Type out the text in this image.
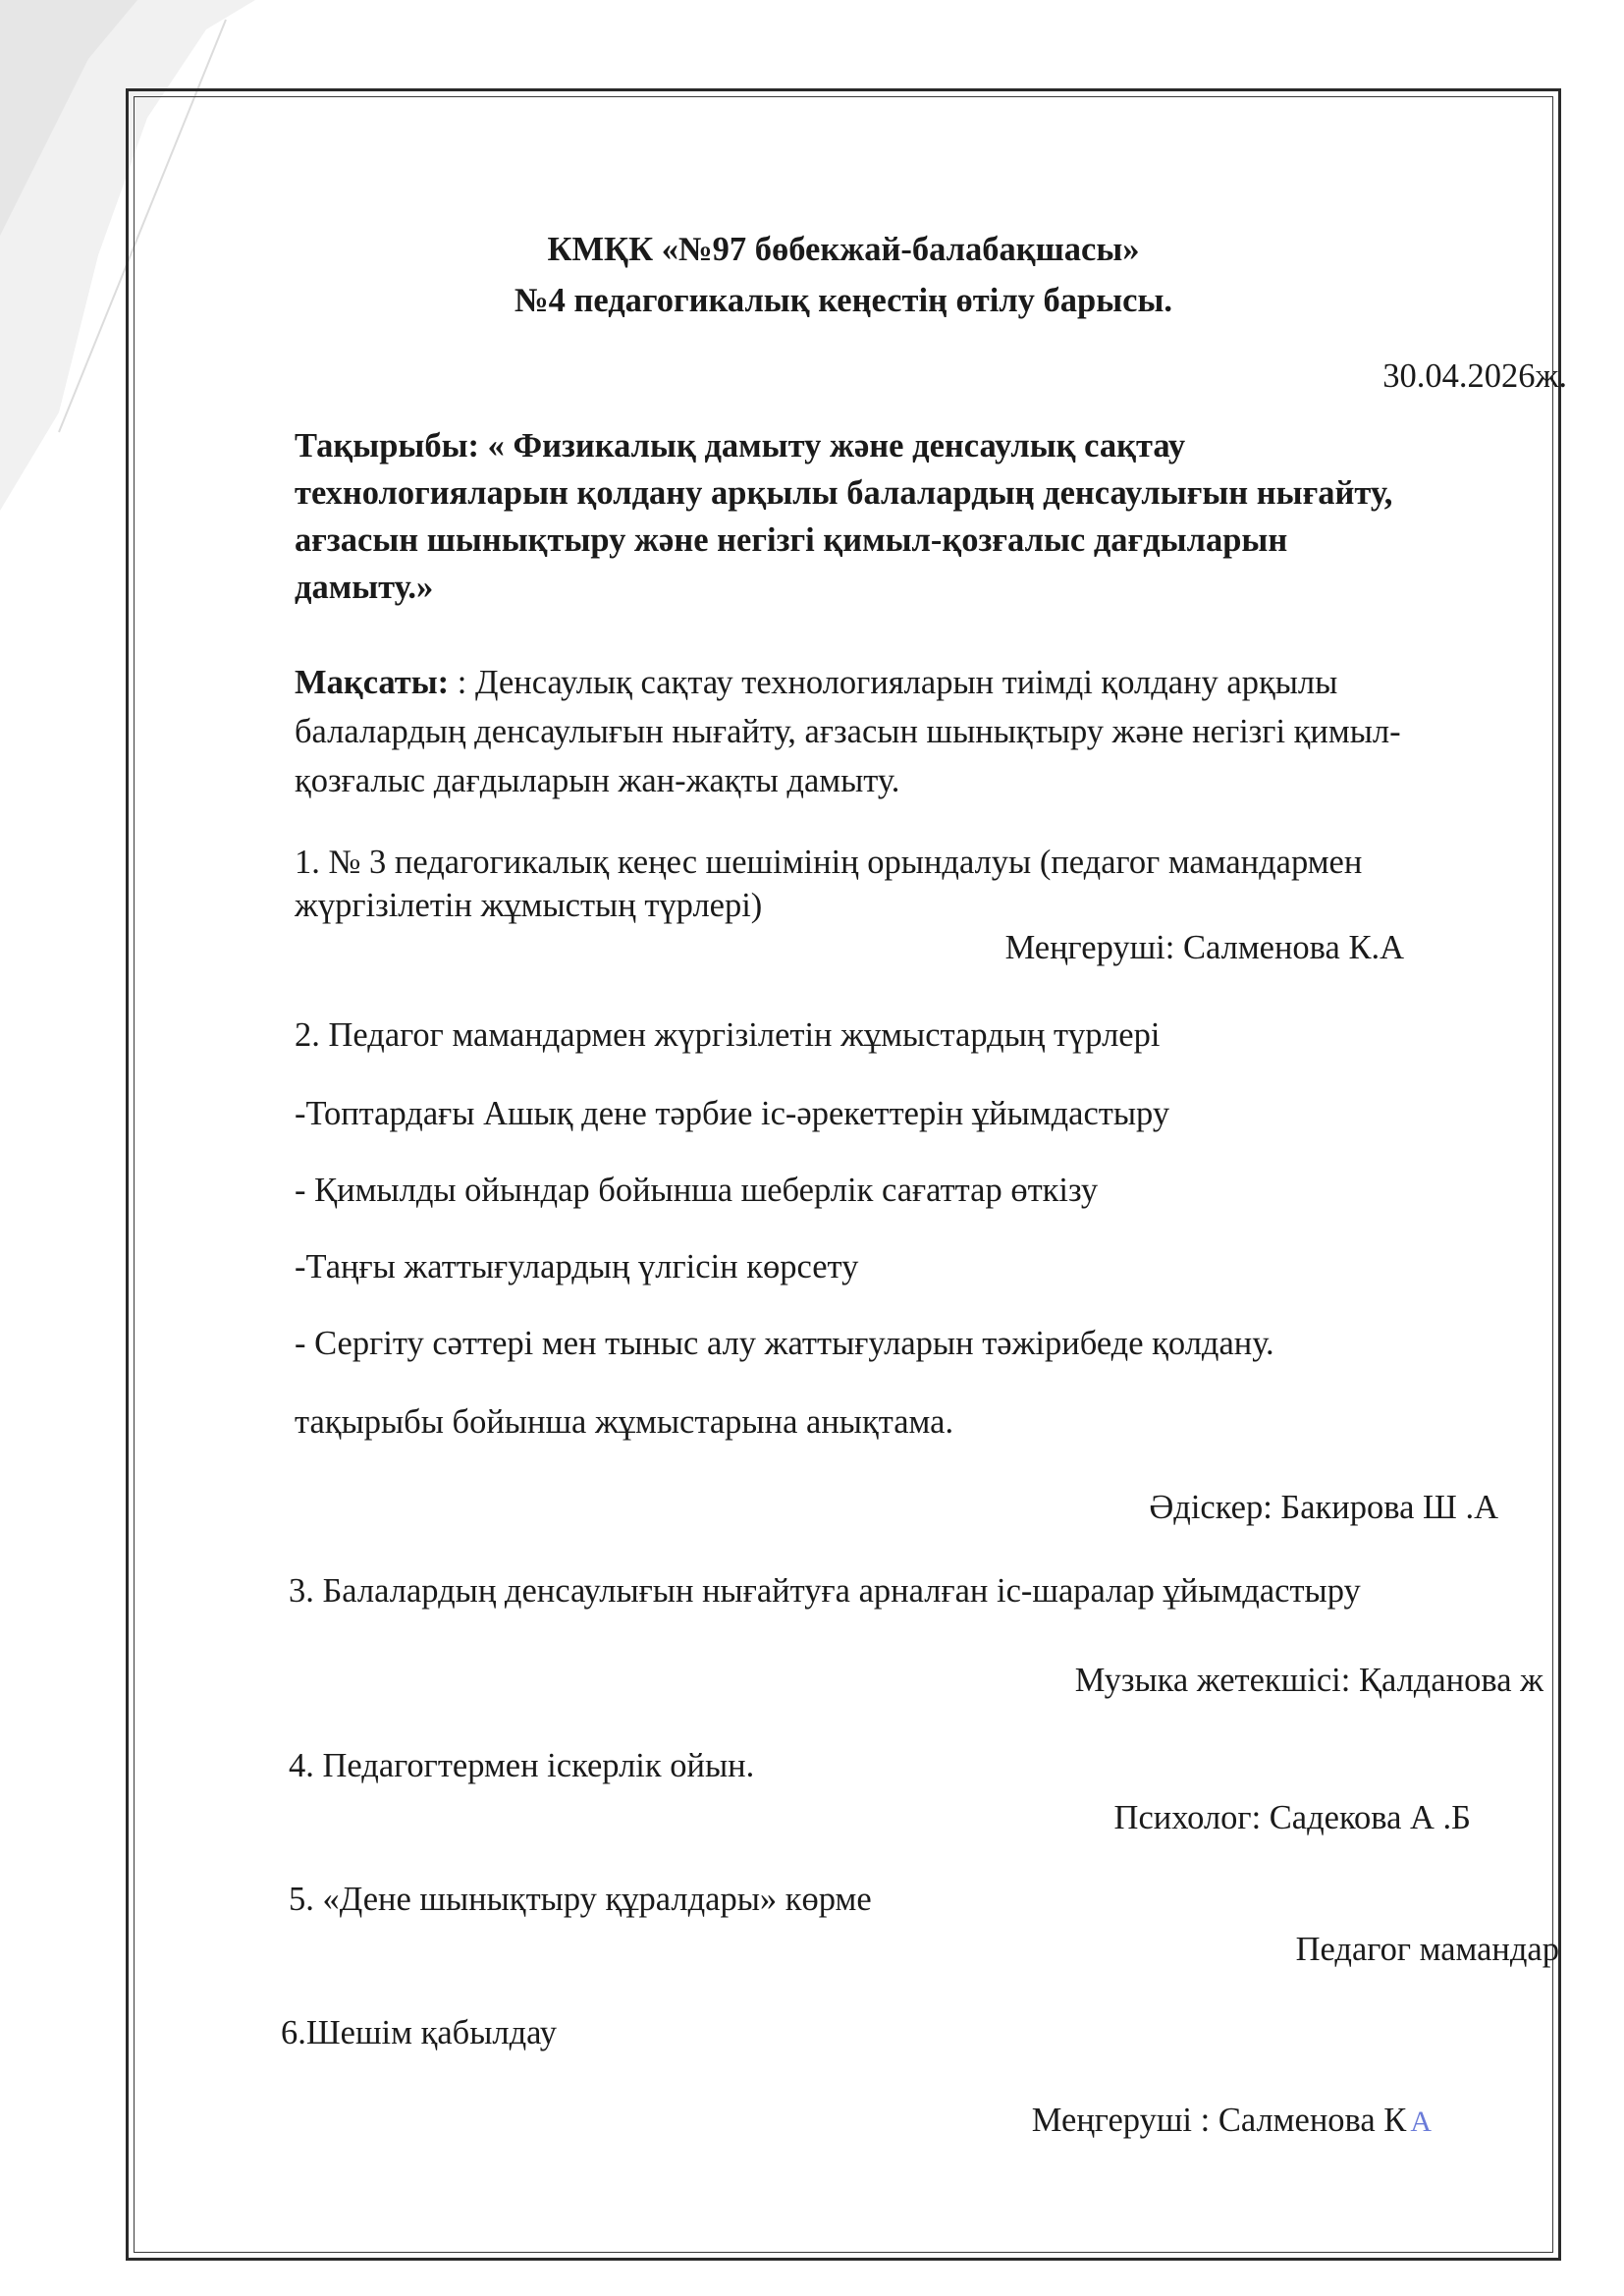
КМҚК «№97 бөбекжай-балабақшасы»
№4 педагогикалық кеңестің өтілу барысы.
30.04.2026ж.
Тақырыбы: « Физикалық дамыту және денсаулық сақтау
технологияларын қолдану арқылы балалардың денсаулығын нығайту,
ағзасын шынықтыру және негізгі қимыл-қозғалыс дағдыларын
дамыту.»
Мақсаты: : Денсаулық сақтау технологияларын тиімді қолдану арқылы
балалардың денсаулығын нығайту, ағзасын шынықтыру және негізгі қимыл-
қозғалыс дағдыларын жан-жақты дамыту.
1. № 3 педагогикалық кеңес шешімінің орындалуы (педагог мамандармен
жүргізілетін жұмыстың түрлері)
Меңгеруші: Салменова К.А
2. Педагог мамандармен жүргізілетін жұмыстардың түрлері
-Топтардағы Ашық дене тәрбие іс-әрекеттерін ұйымдастыру
- Қимылды ойындар бойынша шеберлік сағаттар өткізу
-Таңғы жаттығулардың үлгісін көрсету
- Сергіту сәттері мен тыныс алу жаттығуларын тәжірибеде қолдану.
тақырыбы бойынша жұмыстарына анықтама.
Әдіскер: Бакирова Ш .А
3. Балалардың денсаулығын нығайтуға арналған іс-шаралар ұйымдастыру
Музыка жетекшісі: Қалданова ж
4. Педагогтермен іскерлік ойын.
Психолог: Садекова А .Б
5. «Дене шынықтыру құралдары» көрме
Педагог мамандар
6.Шешім қабылдау
Меңгеруші : Салменова К А
